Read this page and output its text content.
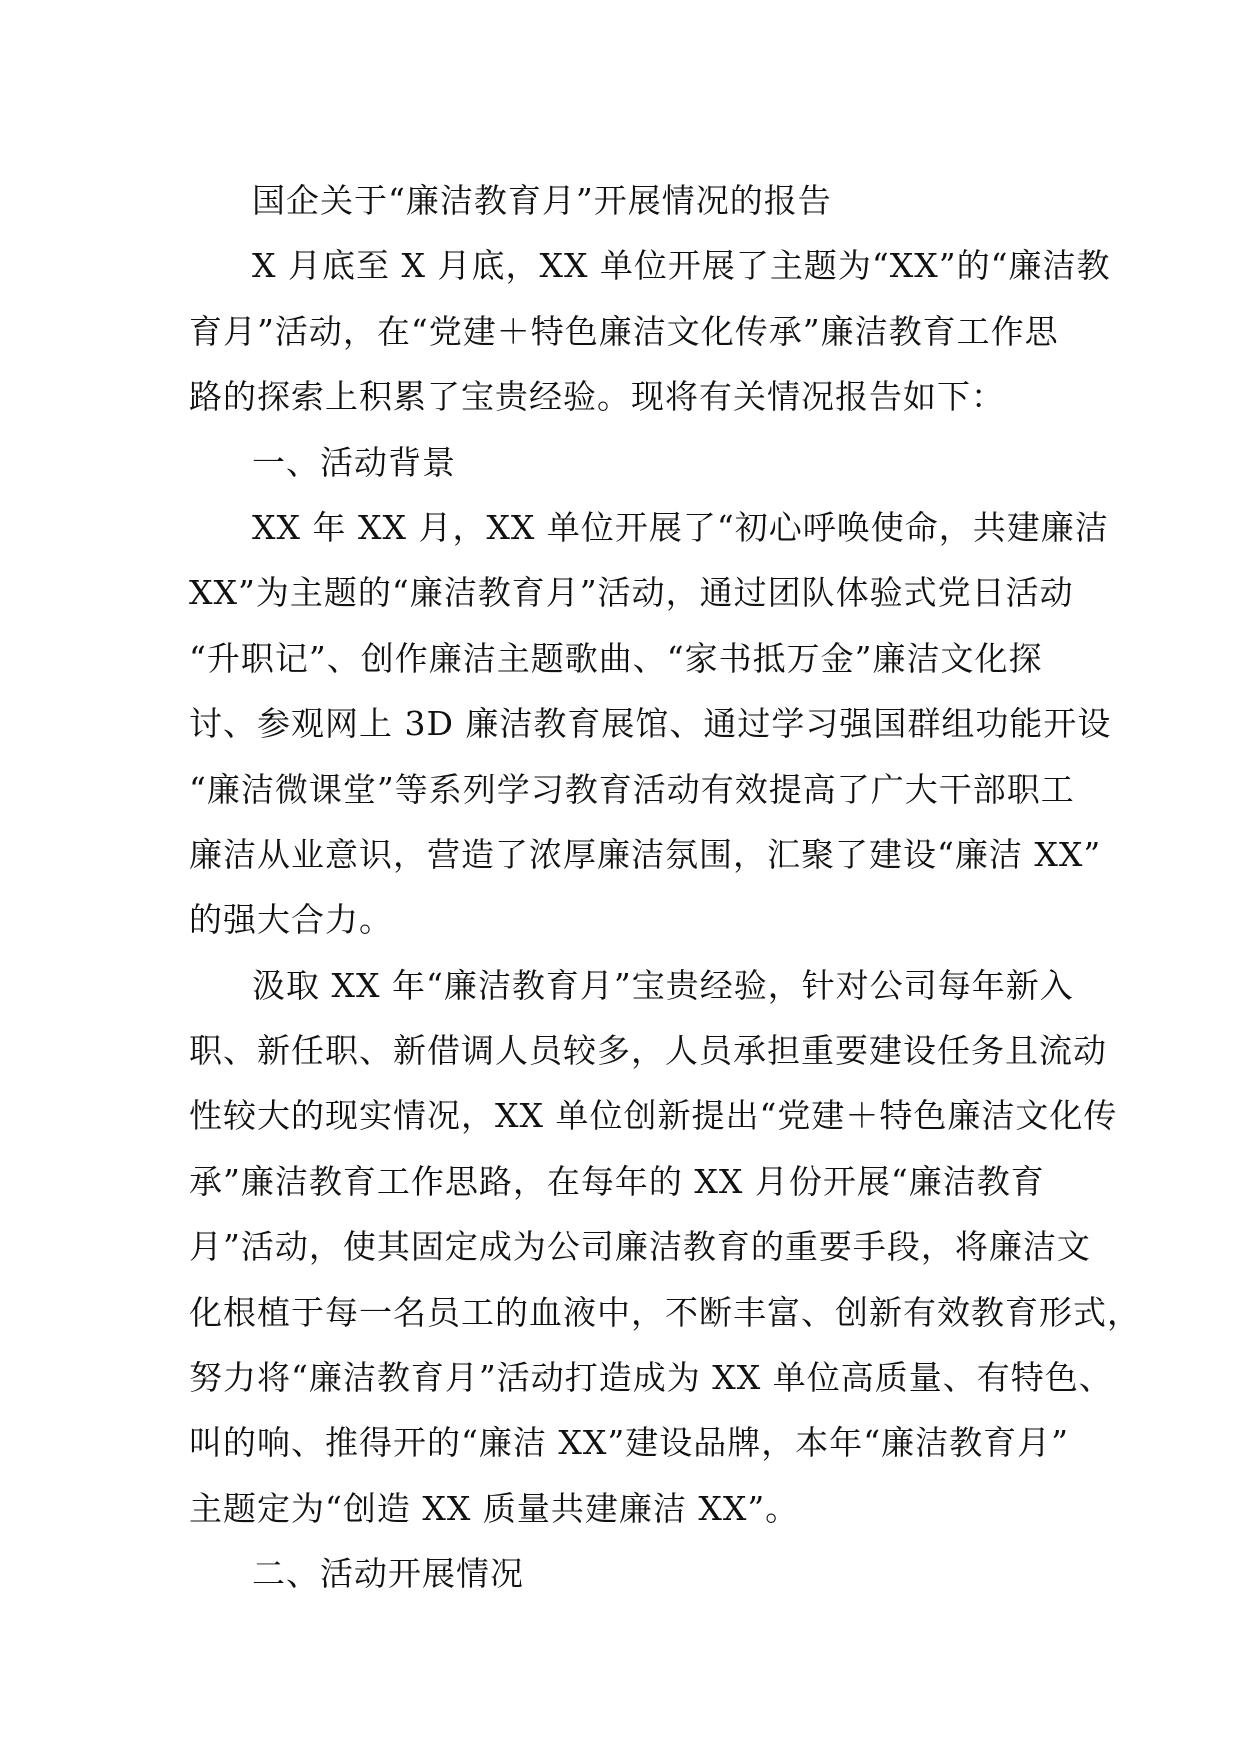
国企关于“廉洁教育月”开展情况的报告
X 月底至 X 月底，XX 单位开展了主题为“XX”的“廉洁教
育月”活动，在“党建＋特色廉洁文化传承”廉洁教育工作思
路的探索上积累了宝贵经验。现将有关情况报告如下：
一、活动背景
XX 年 XX 月，XX 单位开展了“初心呼唤使命，共建廉洁
XX”为主题的“廉洁教育月”活动，通过团队体验式党日活动
“升职记”、创作廉洁主题歌曲、“家书抵万金”廉洁文化探
讨、参观网上 3D 廉洁教育展馆、通过学习强国群组功能开设
“廉洁微课堂”等系列学习教育活动有效提高了广大干部职工
廉洁从业意识，营造了浓厚廉洁氛围，汇聚了建设“廉洁 XX”
的强大合力。
汲取 XX 年“廉洁教育月”宝贵经验，针对公司每年新入
职、新任职、新借调人员较多，人员承担重要建设任务且流动
性较大的现实情况，XX 单位创新提出“党建＋特色廉洁文化传
承”廉洁教育工作思路，在每年的 XX 月份开展“廉洁教育
月”活动，使其固定成为公司廉洁教育的重要手段，将廉洁文
化根植于每一名员工的血液中，不断丰富、创新有效教育形式，
努力将“廉洁教育月”活动打造成为 XX 单位高质量、有特色、
叫的响、推得开的“廉洁 XX”建设品牌，本年“廉洁教育月”
主题定为“创造 XX 质量共建廉洁 XX”。
二、活动开展情况
